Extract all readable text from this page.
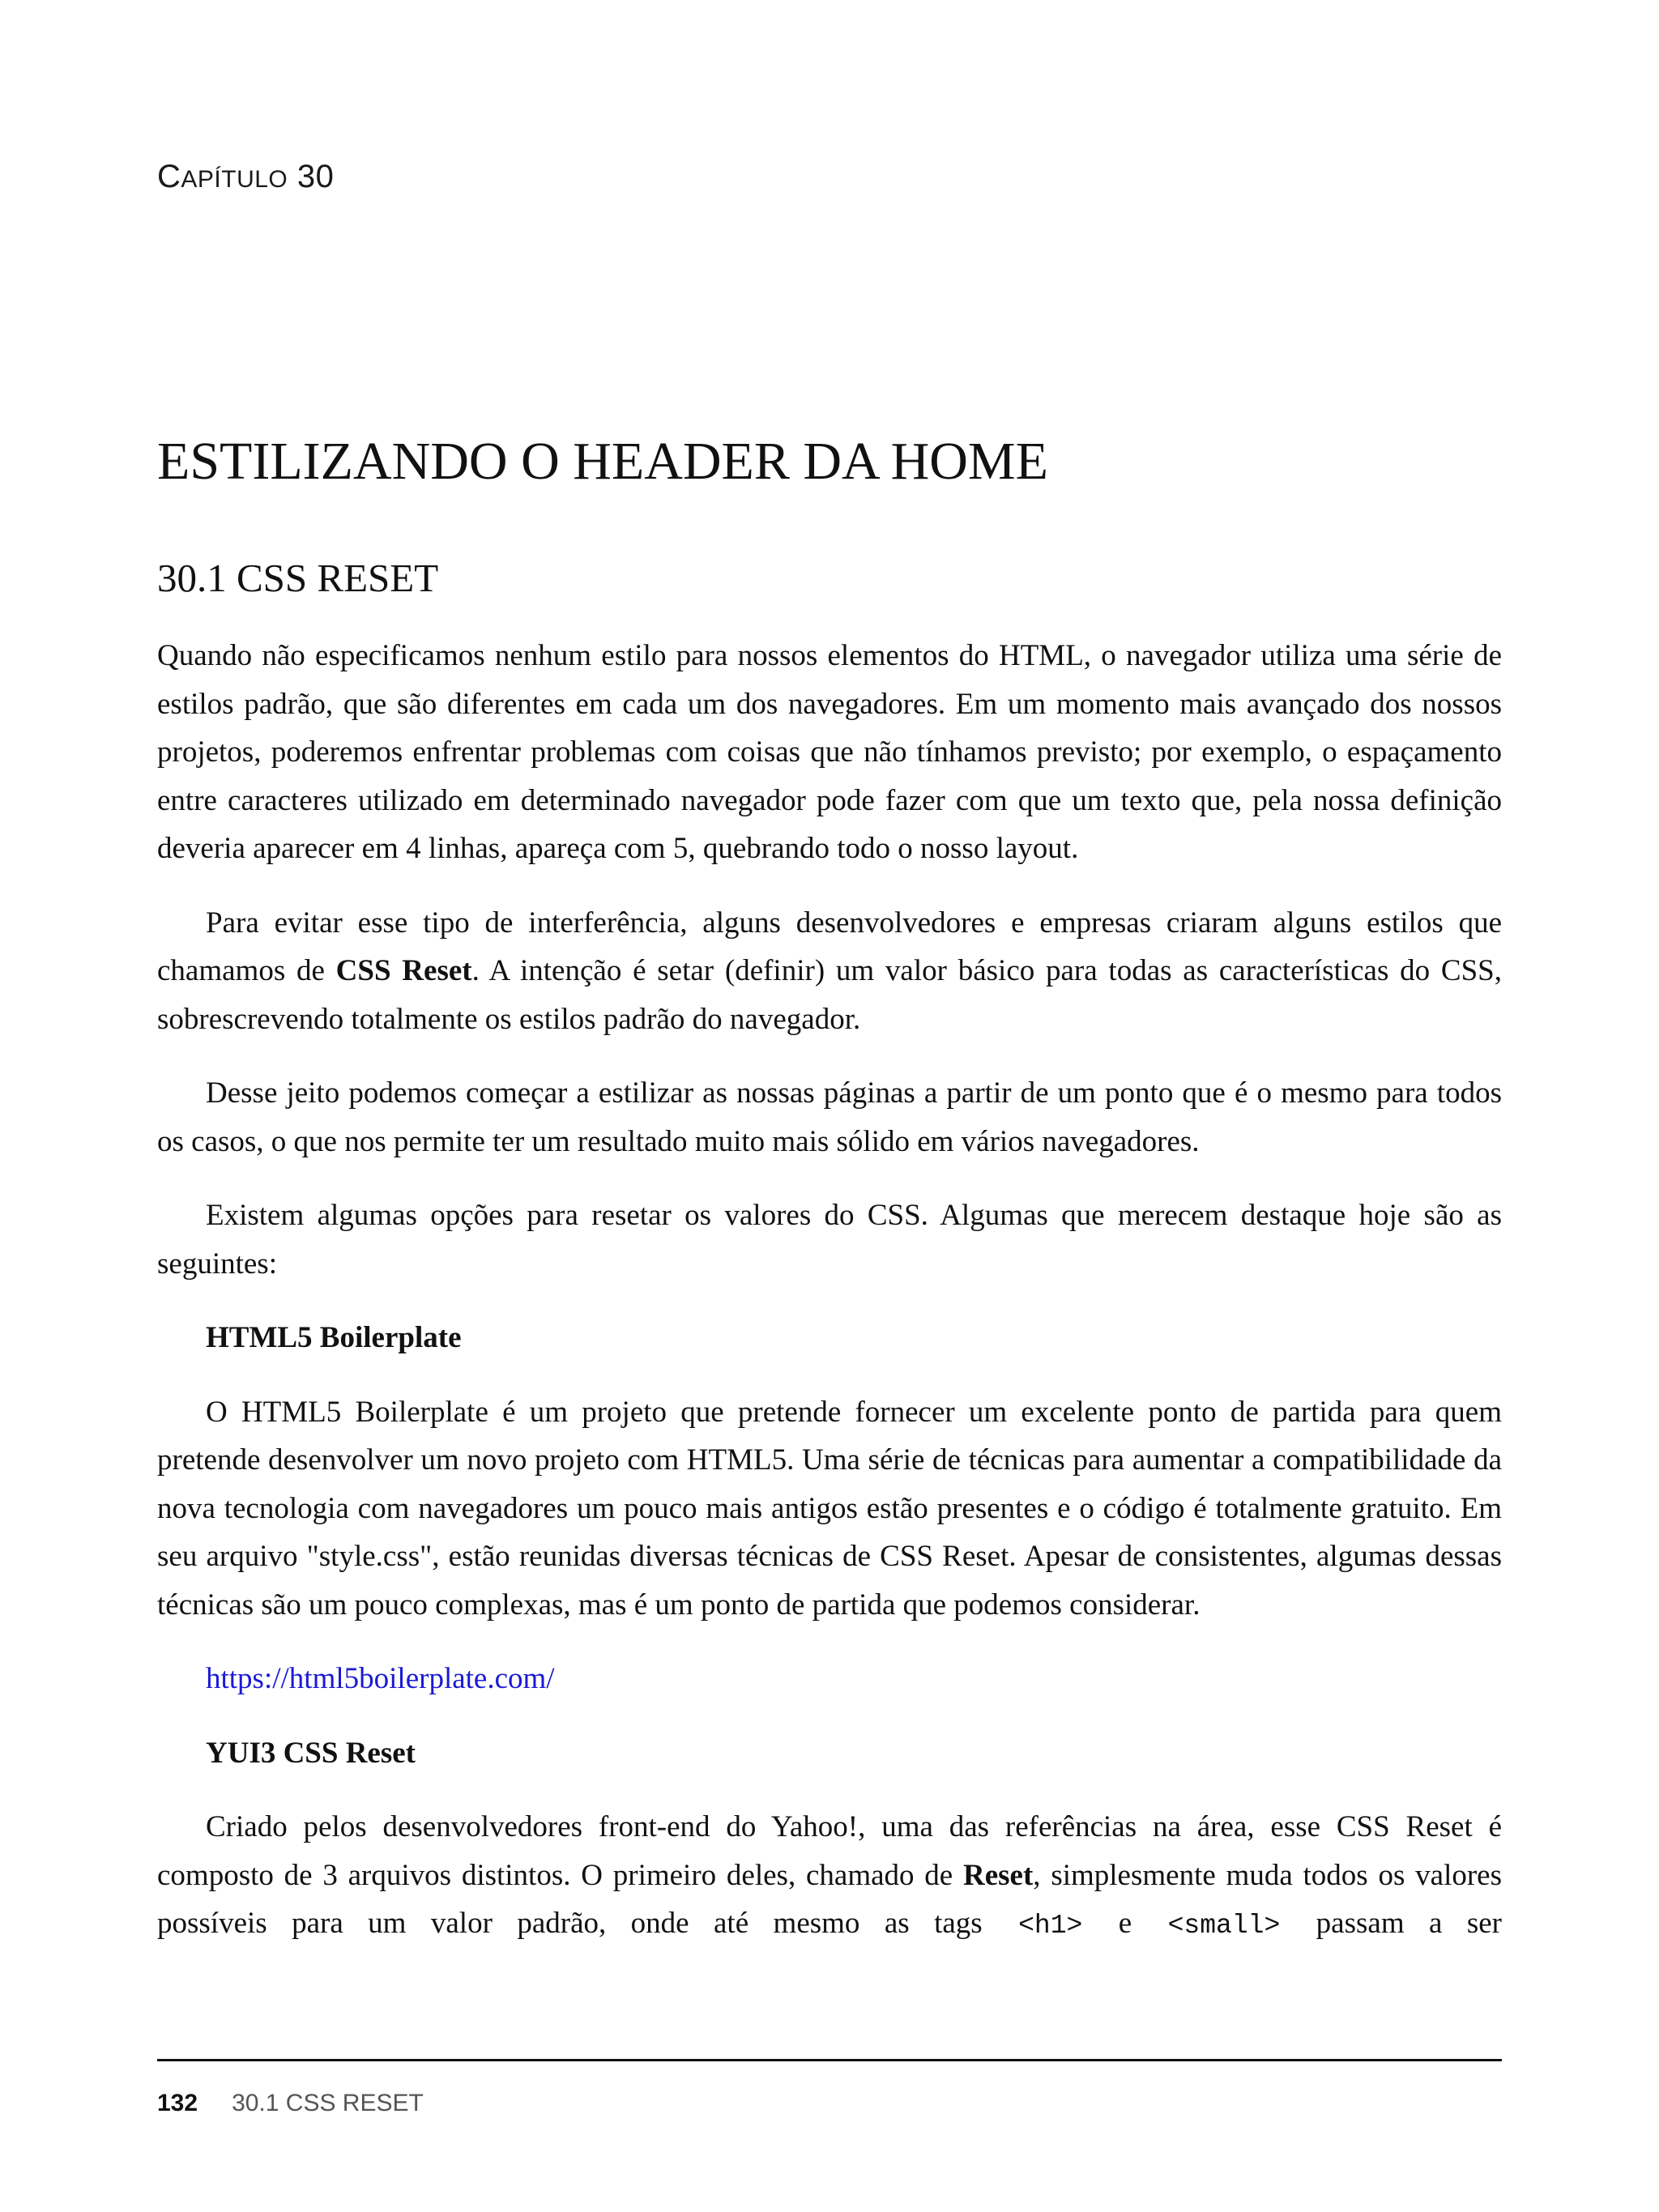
CAPÍTULO 30
ESTILIZANDO O HEADER DA HOME
30.1 CSS RESET

Quando não especificamos nenhum estilo para nossos elementos do HTML, o navegador utiliza uma série de estilos padrão, que são diferentes em cada um dos navegadores. Em um momento mais avançado dos nossos projetos, poderemos enfrentar problemas com coisas que não tínhamos previsto; por exemplo, o espaçamento entre caracteres utilizado em determinado navegador pode fazer com que um texto que, pela nossa definição deveria aparecer em 4 linhas, apareça com 5, quebrando todo o nosso layout.

Para evitar esse tipo de interferência, alguns desenvolvedores e empresas criaram alguns estilos que chamamos de CSS Reset. A intenção é setar (definir) um valor básico para todas as características do CSS, sobrescrevendo totalmente os estilos padrão do navegador.

Desse jeito podemos começar a estilizar as nossas páginas a partir de um ponto que é o mesmo para todos os casos, o que nos permite ter um resultado muito mais sólido em vários navegadores.

Existem algumas opções para resetar os valores do CSS. Algumas que merecem destaque hoje são as seguintes:

HTML5 Boilerplate

O HTML5 Boilerplate é um projeto que pretende fornecer um excelente ponto de partida para quem pretende desenvolver um novo projeto com HTML5. Uma série de técnicas para aumentar a compatibilidade da nova tecnologia com navegadores um pouco mais antigos estão presentes e o código é totalmente gratuito. Em seu arquivo "style.css", estão reunidas diversas técnicas de CSS Reset. Apesar de consistentes, algumas dessas técnicas são um pouco complexas, mas é um ponto de partida que podemos considerar.

https://html5boilerplate.com/

YUI3 CSS Reset

Criado pelos desenvolvedores front-end do Yahoo!, uma das referências na área, esse CSS Reset é composto de 3 arquivos distintos. O primeiro deles, chamado de Reset, simplesmente muda todos os valores possíveis para um valor padrão, onde até mesmo as tags <h1> e <small> passam a ser

132 30.1 CSS RESET
